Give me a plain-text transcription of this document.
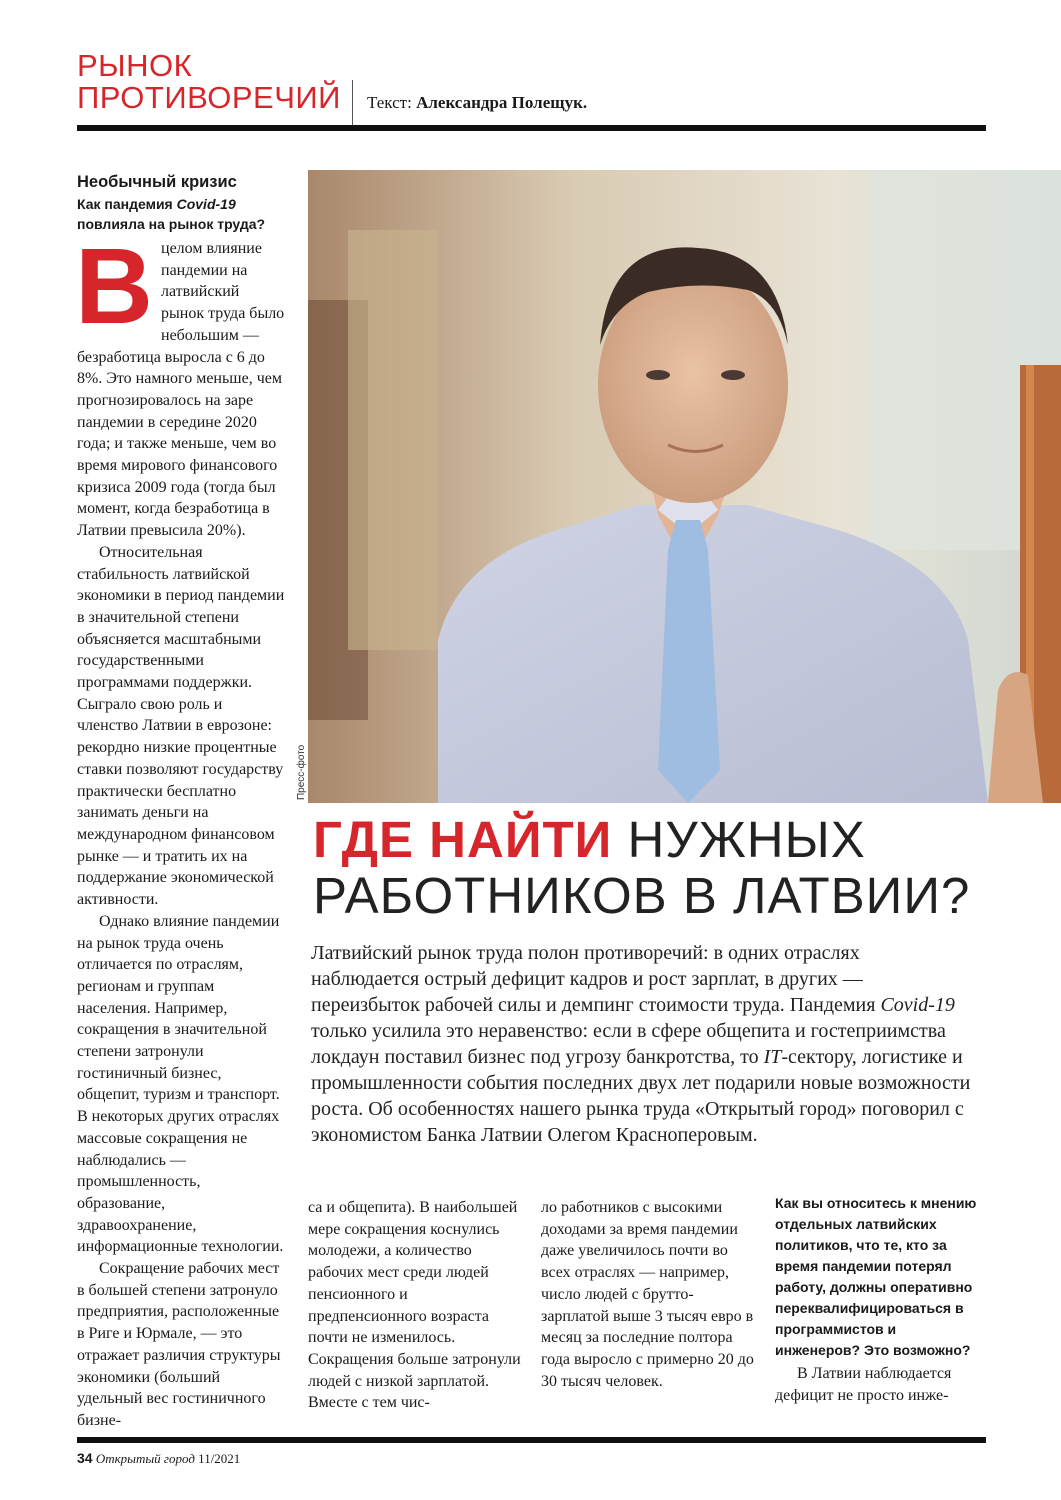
РЫНОК
ПРОТИВОРЕЧИЙ Текст: Александра Полещук.
Необычный кризис
Как пандемия Covid-19 повлияла на рынок труда?
В целом влияние пандемии на латвийский рынок труда было небольшим — безработица выросла с 6 до 8%. Это намного меньше, чем прогнозировалось на заре пандемии в середине 2020 года; и также меньше, чем во время мирового финансового кризиса 2009 года (тогда был момент, когда безработица в Латвии превысила 20%).

Относительная стабильность латвийской экономики в период пандемии в значительной степени объясняется масштабными государственными программами поддержки. Сыграло свою роль и членство Латвии в еврозоне: рекордно низкие процентные ставки позволяют государству практически бесплатно занимать деньги на международном финансовом рынке — и тратить их на поддержание экономической активности.

Однако влияние пандемии на рынок труда очень отличается по отраслям, регионам и группам населения. Например, сокращения в значительной степени затронули гостиничный бизнес, общепит, туризм и транспорт. В некоторых других отраслях массовые сокращения не наблюдались — промышленность, образование, здравоохранение, информационные технологии.

Сокращение рабочих мест в большей степени затронуло предприятия, расположенные в Риге и Юрмале, — это отражает различия структуры экономики (больший удельный вес гостиничного бизне-

Пресс-фото
ГДЕ НАЙТИ НУЖНЫХ
РАБОТНИКОВ В ЛАТВИИ?

Латвийский рынок труда полон противоречий: в одних отраслях наблюдается острый дефицит кадров и рост зарплат, в других — переизбыток рабочей силы и демпинг стоимости труда. Пандемия Covid-19 только усилила это неравенство: если в сфере общепита и гостеприимства локдаун поставил бизнес под угрозу банкротства, то IT-сектору, логистике и промышленности события последних двух лет подарили новые возможности роста. Об особенностях нашего рынка труда «Открытый город» поговорил с экономистом Банка Латвии Олегом Красноперовым.

са и общепита). В наибольшей мере сокращения коснулись молодежи, а количество рабочих мест среди людей пенсионного и предпенсионного возраста почти не изменилось. Сокращения больше затронули людей с низкой зарплатой. Вместе с тем чис-

ло работников с высокими доходами за время пандемии даже увеличилось почти во всех отраслях — например, число людей с брутто-зарплатой выше 3 тысяч евро в месяц за последние полтора года выросло с примерно 20 до 30 тысяч человек.

Как вы относитесь к мнению отдельных латвийских политиков, что те, кто за время пандемии потерял работу, должны оперативно переквалифицироваться в программистов и инженеров? Это возможно?

В Латвии наблюдается дефицит не просто инже-

34 Открытый город 11/2021
